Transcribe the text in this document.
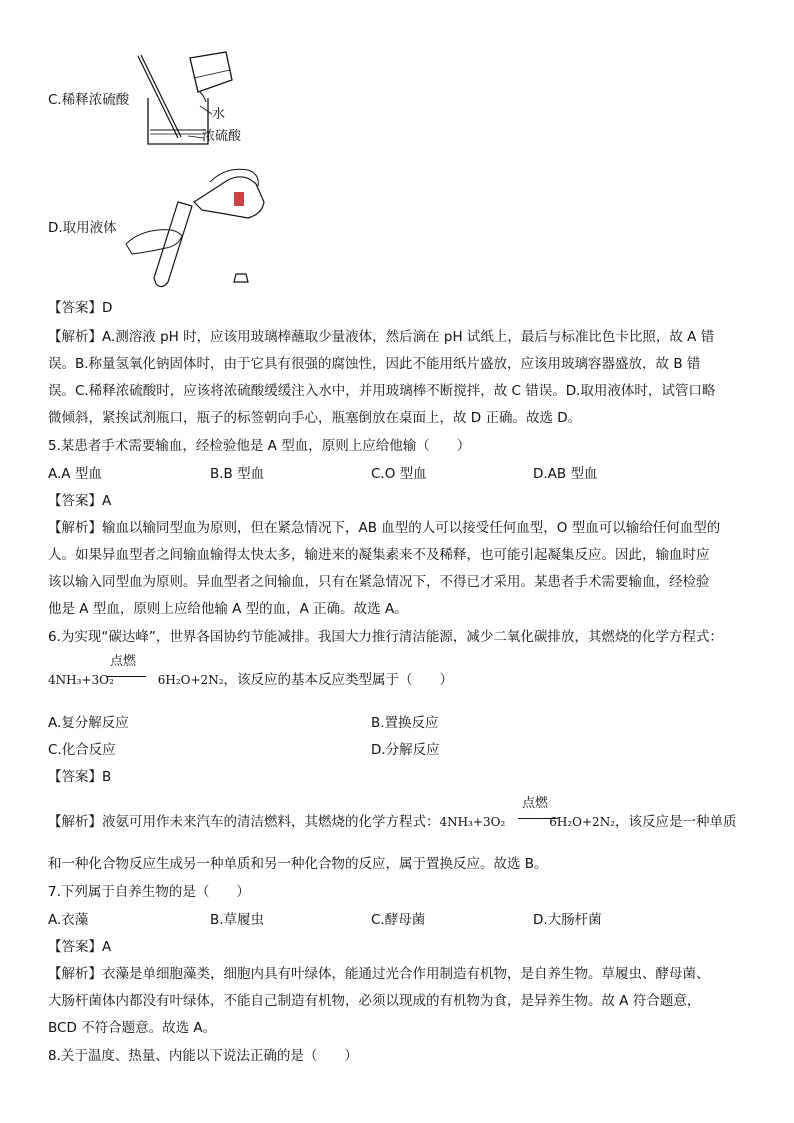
C.稀释浓硫酸
水
浓硫酸
D.取用液体
【答案】D
【解析】A.测溶液 pH 时，应该用玻璃棒蘸取少量液体，然后滴在 pH 试纸上，最后与标准比色卡比照，故 A 错
误。B.称量氢氧化钠固体时，由于它具有很强的腐蚀性，因此不能用纸片盛放，应该用玻璃容器盛放，故 B 错
误。C.稀释浓硫酸时，应该将浓硫酸缓缓注入水中，并用玻璃棒不断搅拌，故 C 错误。D.取用液体时，试管口略
微倾斜，紧挨试剂瓶口，瓶子的标签朝向手心，瓶塞倒放在桌面上，故 D 正确。故选 D。
5.某患者手术需要输血，经检验他是 A 型血，原则上应给他输（　　）
A.A 型血	B.B 型血	C.O 型血	D.AB 型血
【答案】A
【解析】输血以输同型血为原则，但在紧急情况下，AB 血型的人可以接受任何血型，O 型血可以输给任何血型的
人。如果异血型者之间输血输得太快太多，输进来的凝集素来不及稀释，也可能引起凝集反应。因此，输血时应
该以输入同型血为原则。异血型者之间输血，只有在紧急情况下，不得已才采用。某患者手术需要输血，经检验
他是 A 型血，原则上应给他输 A 型的血，A 正确。故选 A。
6.为实现“碳达峰”，世界各国协约节能减排。我国大力推行清洁能源，减少二氧化碳排放，其燃烧的化学方程式：
点燃
4NH₃+3O₂	6H₂O+2N₂，该反应的基本反应类型属于（　　）
A.复分解反应	B.置换反应
C.化合反应	D.分解反应
【答案】B
点燃
【解析】液氨可用作未来汽车的清洁燃料，其燃烧的化学方程式：4NH₃+3O₂	6H₂O+2N₂，该反应是一种单质
和一种化合物反应生成另一种单质和另一种化合物的反应，属于置换反应。故选 B。
7.下列属于自养生物的是（　　）
A.衣藻	B.草履虫	C.酵母菌	D.大肠杆菌
【答案】A
【解析】衣藻是单细胞藻类，细胞内具有叶绿体，能通过光合作用制造有机物，是自养生物。草履虫、酵母菌、
大肠杆菌体内都没有叶绿体，不能自己制造有机物，必须以现成的有机物为食，是异养生物。故 A 符合题意，
BCD 不符合题意。故选 A。
8.关于温度、热量、内能以下说法正确的是（　　）
